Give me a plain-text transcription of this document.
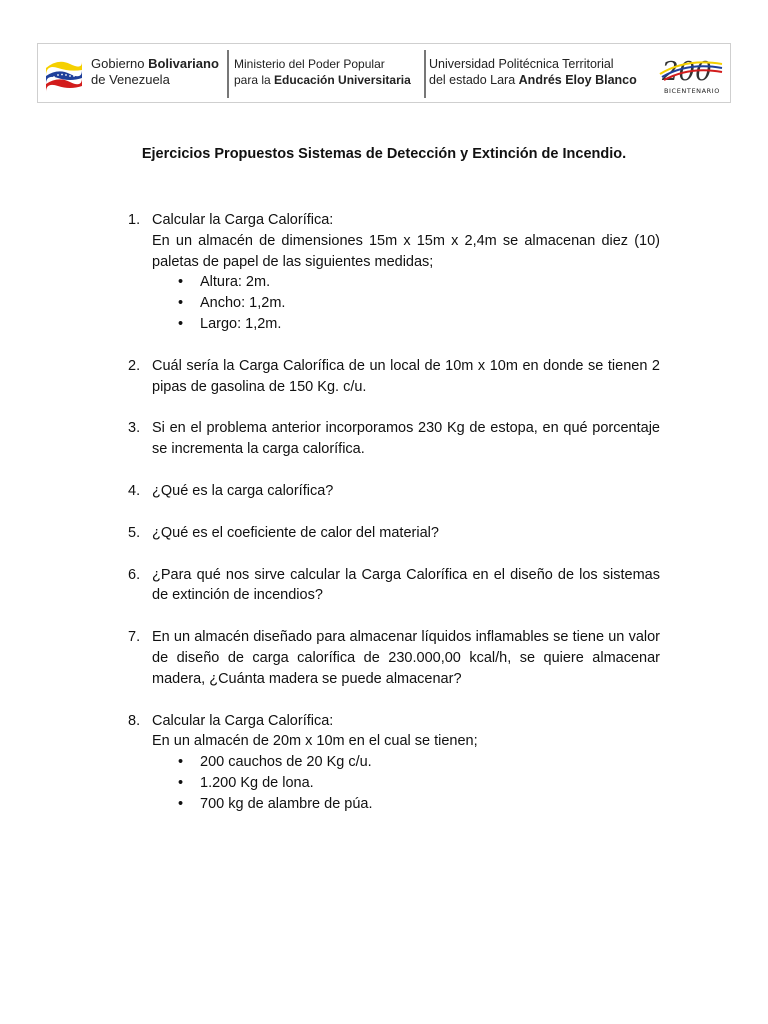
Gobierno Bolivariano
de Venezuela
Ministerio del Poder Popular
para la Educación Universitaria
Universidad Politécnica Territorial
del estado Lara Andrés Eloy Blanco 200
BICENTENARIO
Ejercicios Propuestos Sistemas de Detección y Extinción de Incendio.
1. Calcular la Carga Calorífica:
En un almacén de dimensiones 15m x 15m x 2,4m se almacenan diez (10) paletas de papel de las siguientes medidas;
• Altura: 2m.
• Ancho: 1,2m.
• Largo: 1,2m.
2. Cuál sería la Carga Calorífica de un local de 10m x 10m en donde se tienen 2 pipas de gasolina de 150 Kg. c/u.
3. Si en el problema anterior incorporamos 230 Kg de estopa, en qué porcentaje se incrementa la carga calorífica.
4. ¿Qué es la carga calorífica?
5. ¿Qué es el coeficiente de calor del material?
6. ¿Para qué nos sirve calcular la Carga Calorífica en el diseño de los sistemas de extinción de incendios?
7. En un almacén diseñado para almacenar líquidos inflamables se tiene un valor de diseño de carga calorífica de 230.000,00 kcal/h, se quiere almacenar madera, ¿Cuánta madera se puede almacenar?
8. Calcular la Carga Calorífica:
En un almacén de 20m x 10m en el cual se tienen;
• 200 cauchos de 20 Kg c/u.
• 1.200 Kg de lona.
• 700 kg de alambre de púa.
